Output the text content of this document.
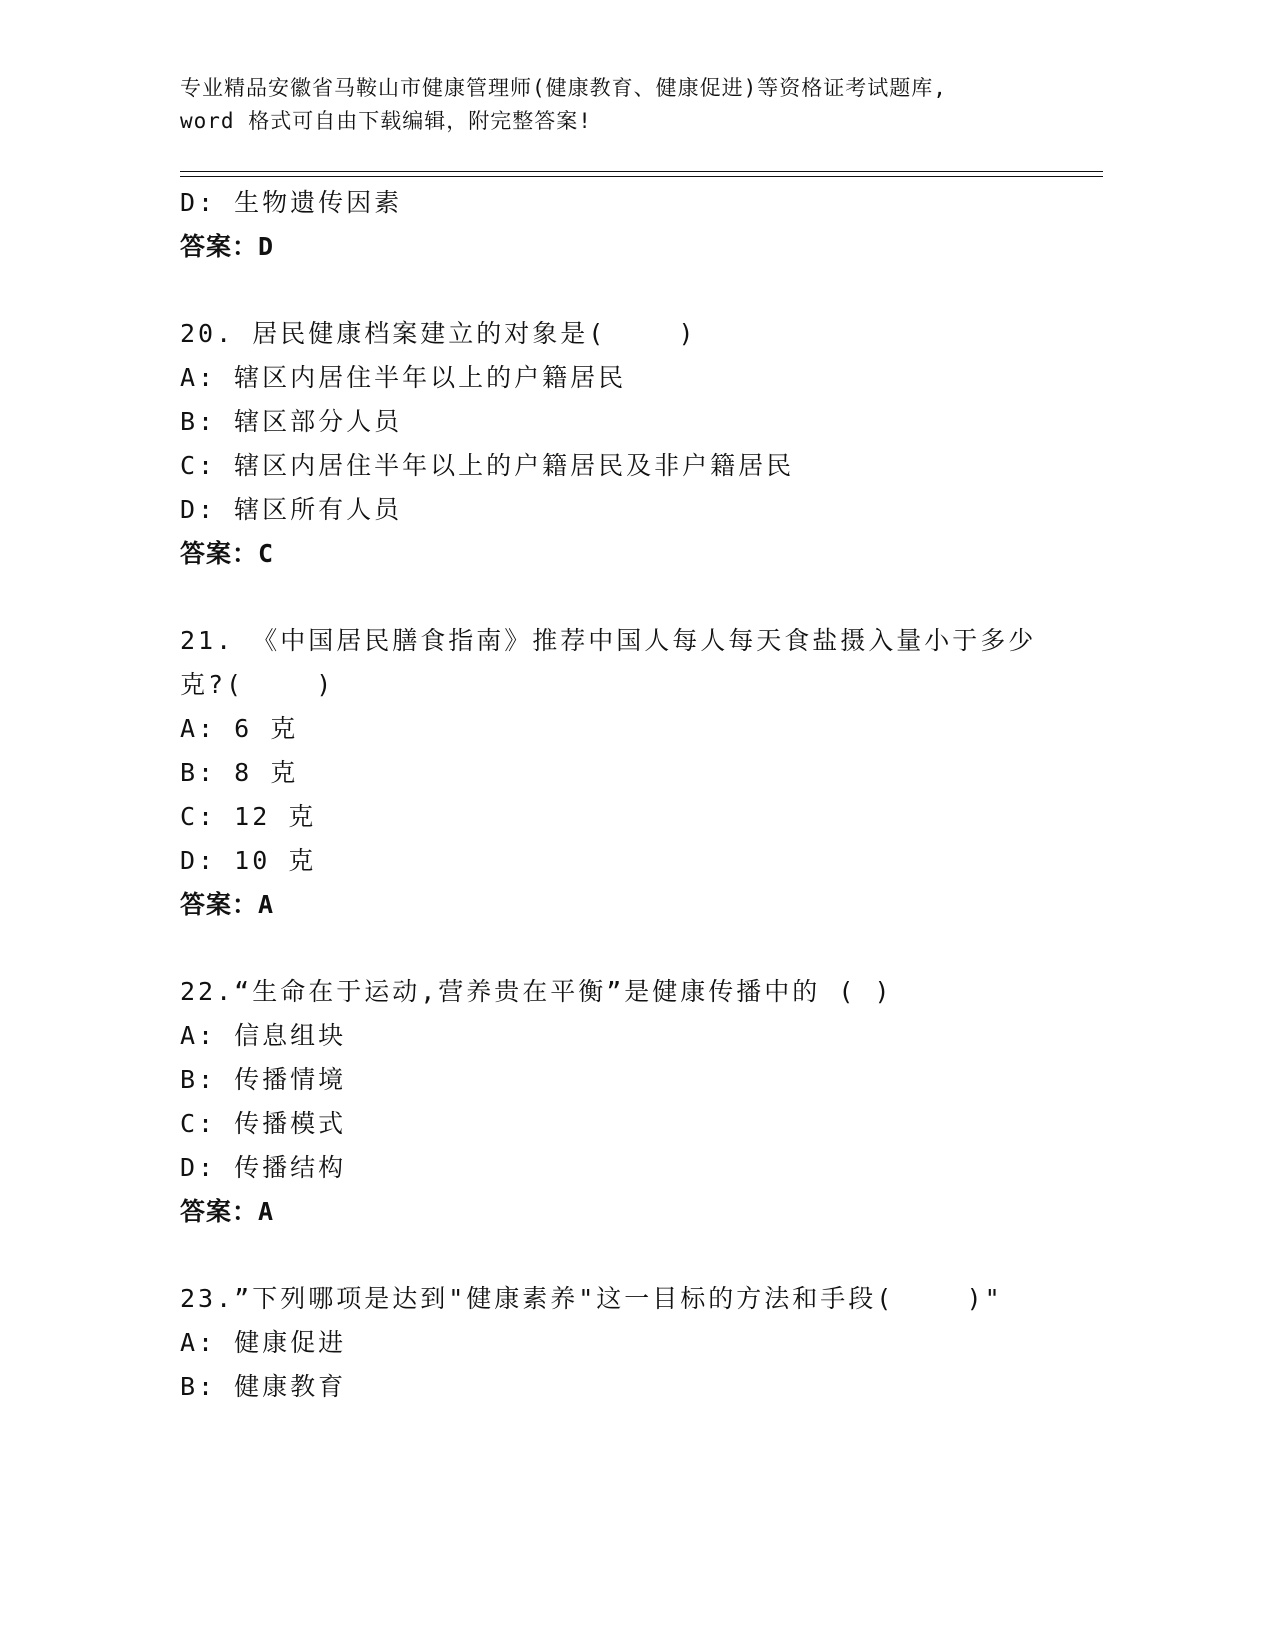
专业精品安徽省马鞍山市健康管理师(健康教育、健康促进)等资格证考试题库,
word 格式可自由下载编辑，附完整答案!
D: 生物遗传因素
答案：D
20. 居民健康档案建立的对象是(    )
A: 辖区内居住半年以上的户籍居民
B: 辖区部分人员
C: 辖区内居住半年以上的户籍居民及非户籍居民
D: 辖区所有人员
答案：C
21. 《中国居民膳食指南》推荐中国人每人每天食盐摄入量小于多少
克?(    )
A: 6 克
B: 8 克
C: 12 克
D: 10 克
答案：A
22.“生命在于运动,营养贵在平衡”是健康传播中的 ( )
A: 信息组块
B: 传播情境
C: 传播模式
D: 传播结构
答案：A
23.”下列哪项是达到"健康素养"这一目标的方法和手段(    )"
A: 健康促进
B: 健康教育
